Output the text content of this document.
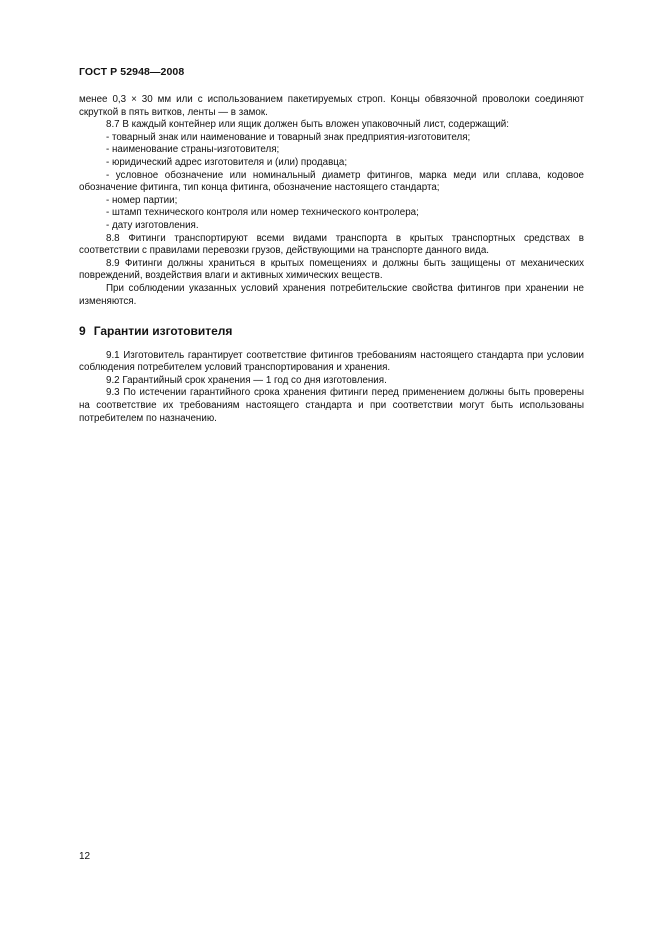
ГОСТ Р 52948—2008

менее 0,3 × 30 мм или с использованием пакетируемых строп. Концы обвязочной проволоки соединяют скруткой в пять витков, ленты — в замок.

8.7 В каждый контейнер или ящик должен быть вложен упаковочный лист, содержащий:

- товарный знак или наименование и товарный знак предприятия-изготовителя;

- наименование страны-изготовителя;

- юридический адрес изготовителя и (или) продавца;

- условное обозначение или номинальный диаметр фитингов, марка меди или сплава, кодовое обозначение фитинга, тип конца фитинга, обозначение настоящего стандарта;

- номер партии;

- штамп технического контроля или номер технического контролера;

- дату изготовления.

8.8 Фитинги транспортируют всеми видами транспорта в крытых транспортных средствах в соответствии с правилами перевозки грузов, действующими на транспорте данного вида.

8.9 Фитинги должны храниться в крытых помещениях и должны быть защищены от механических повреждений, воздействия влаги и активных химических веществ.

При соблюдении указанных условий хранения потребительские свойства фитингов при хранении не изменяются.

9 Гарантии изготовителя

9.1 Изготовитель гарантирует соответствие фитингов требованиям настоящего стандарта при условии соблюдения потребителем условий транспортирования и хранения.

9.2 Гарантийный срок хранения — 1 год со дня изготовления.

9.3 По истечении гарантийного срока хранения фитинги перед применением должны быть проверены на соответствие их требованиям настоящего стандарта и при соответствии могут быть использованы потребителем по назначению.

12
